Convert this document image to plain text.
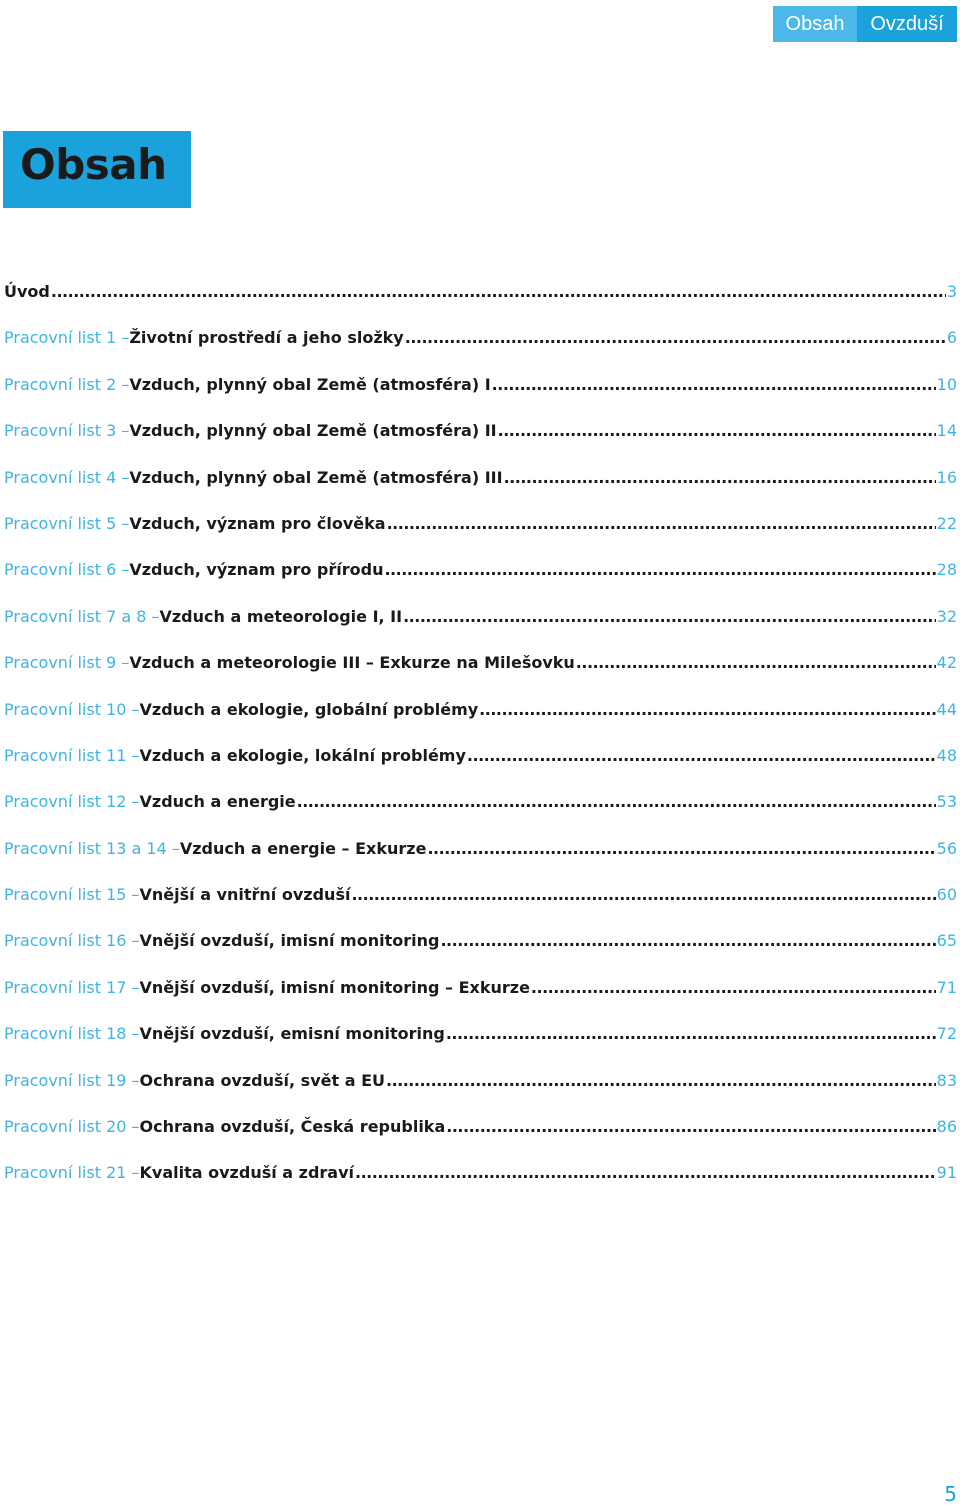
Obsah	Ovzduší
Obsah
Úvod .....	3
Pracovní list 1 – Životní prostředí a jeho složky .....	6
Pracovní list 2 – Vzduch, plynný obal Země (atmosféra) I .....	10
Pracovní list 3 – Vzduch, plynný obal Země (atmosféra) II .....	14
Pracovní list 4 – Vzduch, plynný obal Země (atmosféra) III .....	16
Pracovní list 5 – Vzduch, význam pro člověka .....	22
Pracovní list 6 – Vzduch, význam pro přírodu .....	28
Pracovní list 7 a 8 – Vzduch a meteorologie I, II .....	32
Pracovní list 9 – Vzduch a meteorologie III – Exkurze na Milešovku .....	42
Pracovní list 10 – Vzduch a ekologie, globální problémy .....	44
Pracovní list 11 – Vzduch a ekologie, lokální problémy .....	48
Pracovní list 12 – Vzduch a energie .....	53
Pracovní list 13 a 14 – Vzduch a energie – Exkurze .....	56
Pracovní list 15 – Vnější a vnitřní ovzduší .....	60
Pracovní list 16 – Vnější ovzduší, imisní monitoring .....	65
Pracovní list 17 – Vnější ovzduší, imisní monitoring – Exkurze .....	71
Pracovní list 18 – Vnější ovzduší, emisní monitoring .....	72
Pracovní list 19 – Ochrana ovzduší, svět a EU .....	83
Pracovní list 20 – Ochrana ovzduší, Česká republika .....	86
Pracovní list 21 – Kvalita ovzduší a zdraví .....	91
5
